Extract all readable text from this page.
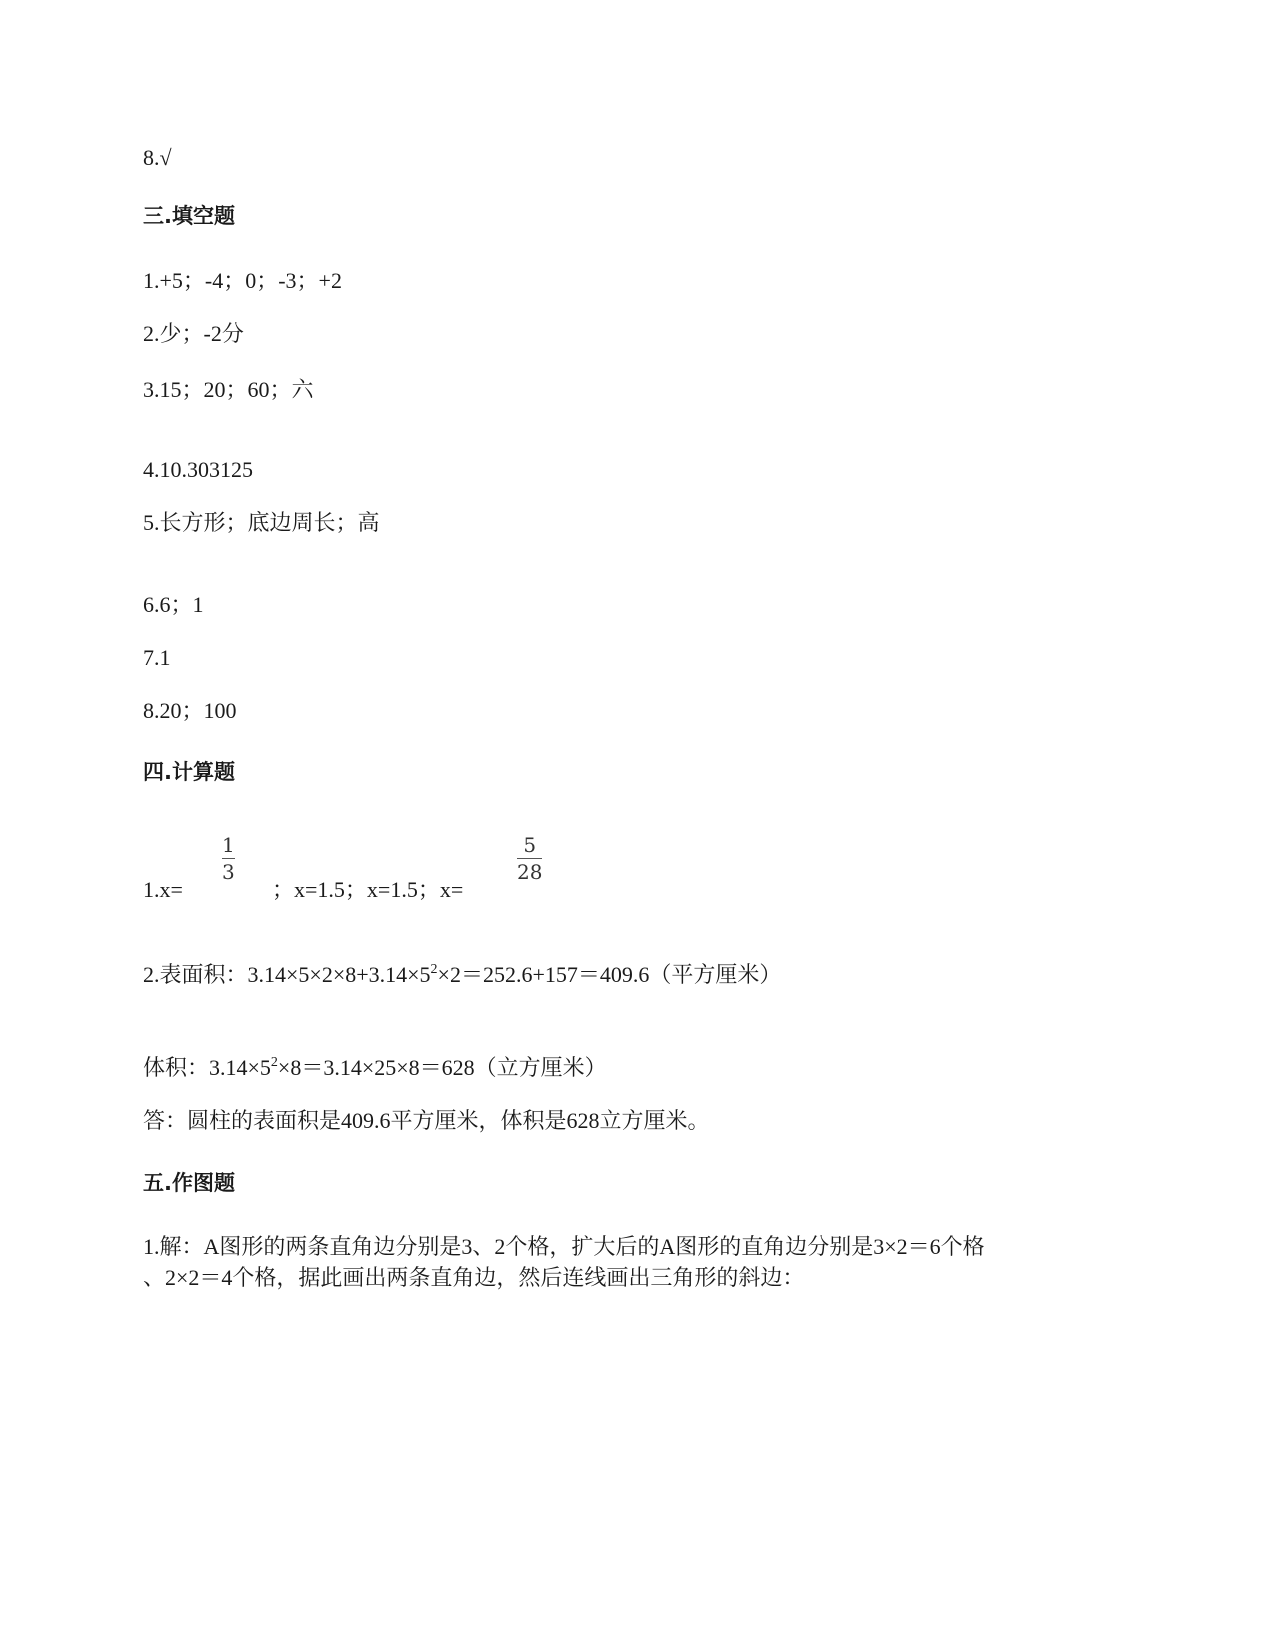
8.√
三.填空题
1.+5；-4；0；-3；+2
2.少；-2分
3.15；20；60；六
4.10.303125
5.长方形；底边周长；高
6.6；1
7.1
8.20；100
四.计算题
1.x=
1
3
；x=1.5；x=1.5；x=
5
28
2.表面积：$3.14\times 5\times 2\times 8+3.14\times 5^2\times 2=252.6+157=409.6$（平方厘米）
体积：$3.14\times 5^2\times 8=3.14\times 25\times 8=628$（立方厘米）
答：圆柱的表面积是409.6平方厘米，体积是628立方厘米。
五.作图题
1.解：A图形的两条直角边分别是3、2个格，扩大后的A图形的直角边分别是3×2＝6个格
、2×2＝4个格，据此画出两条直角边，然后连线画出三角形的斜边：
